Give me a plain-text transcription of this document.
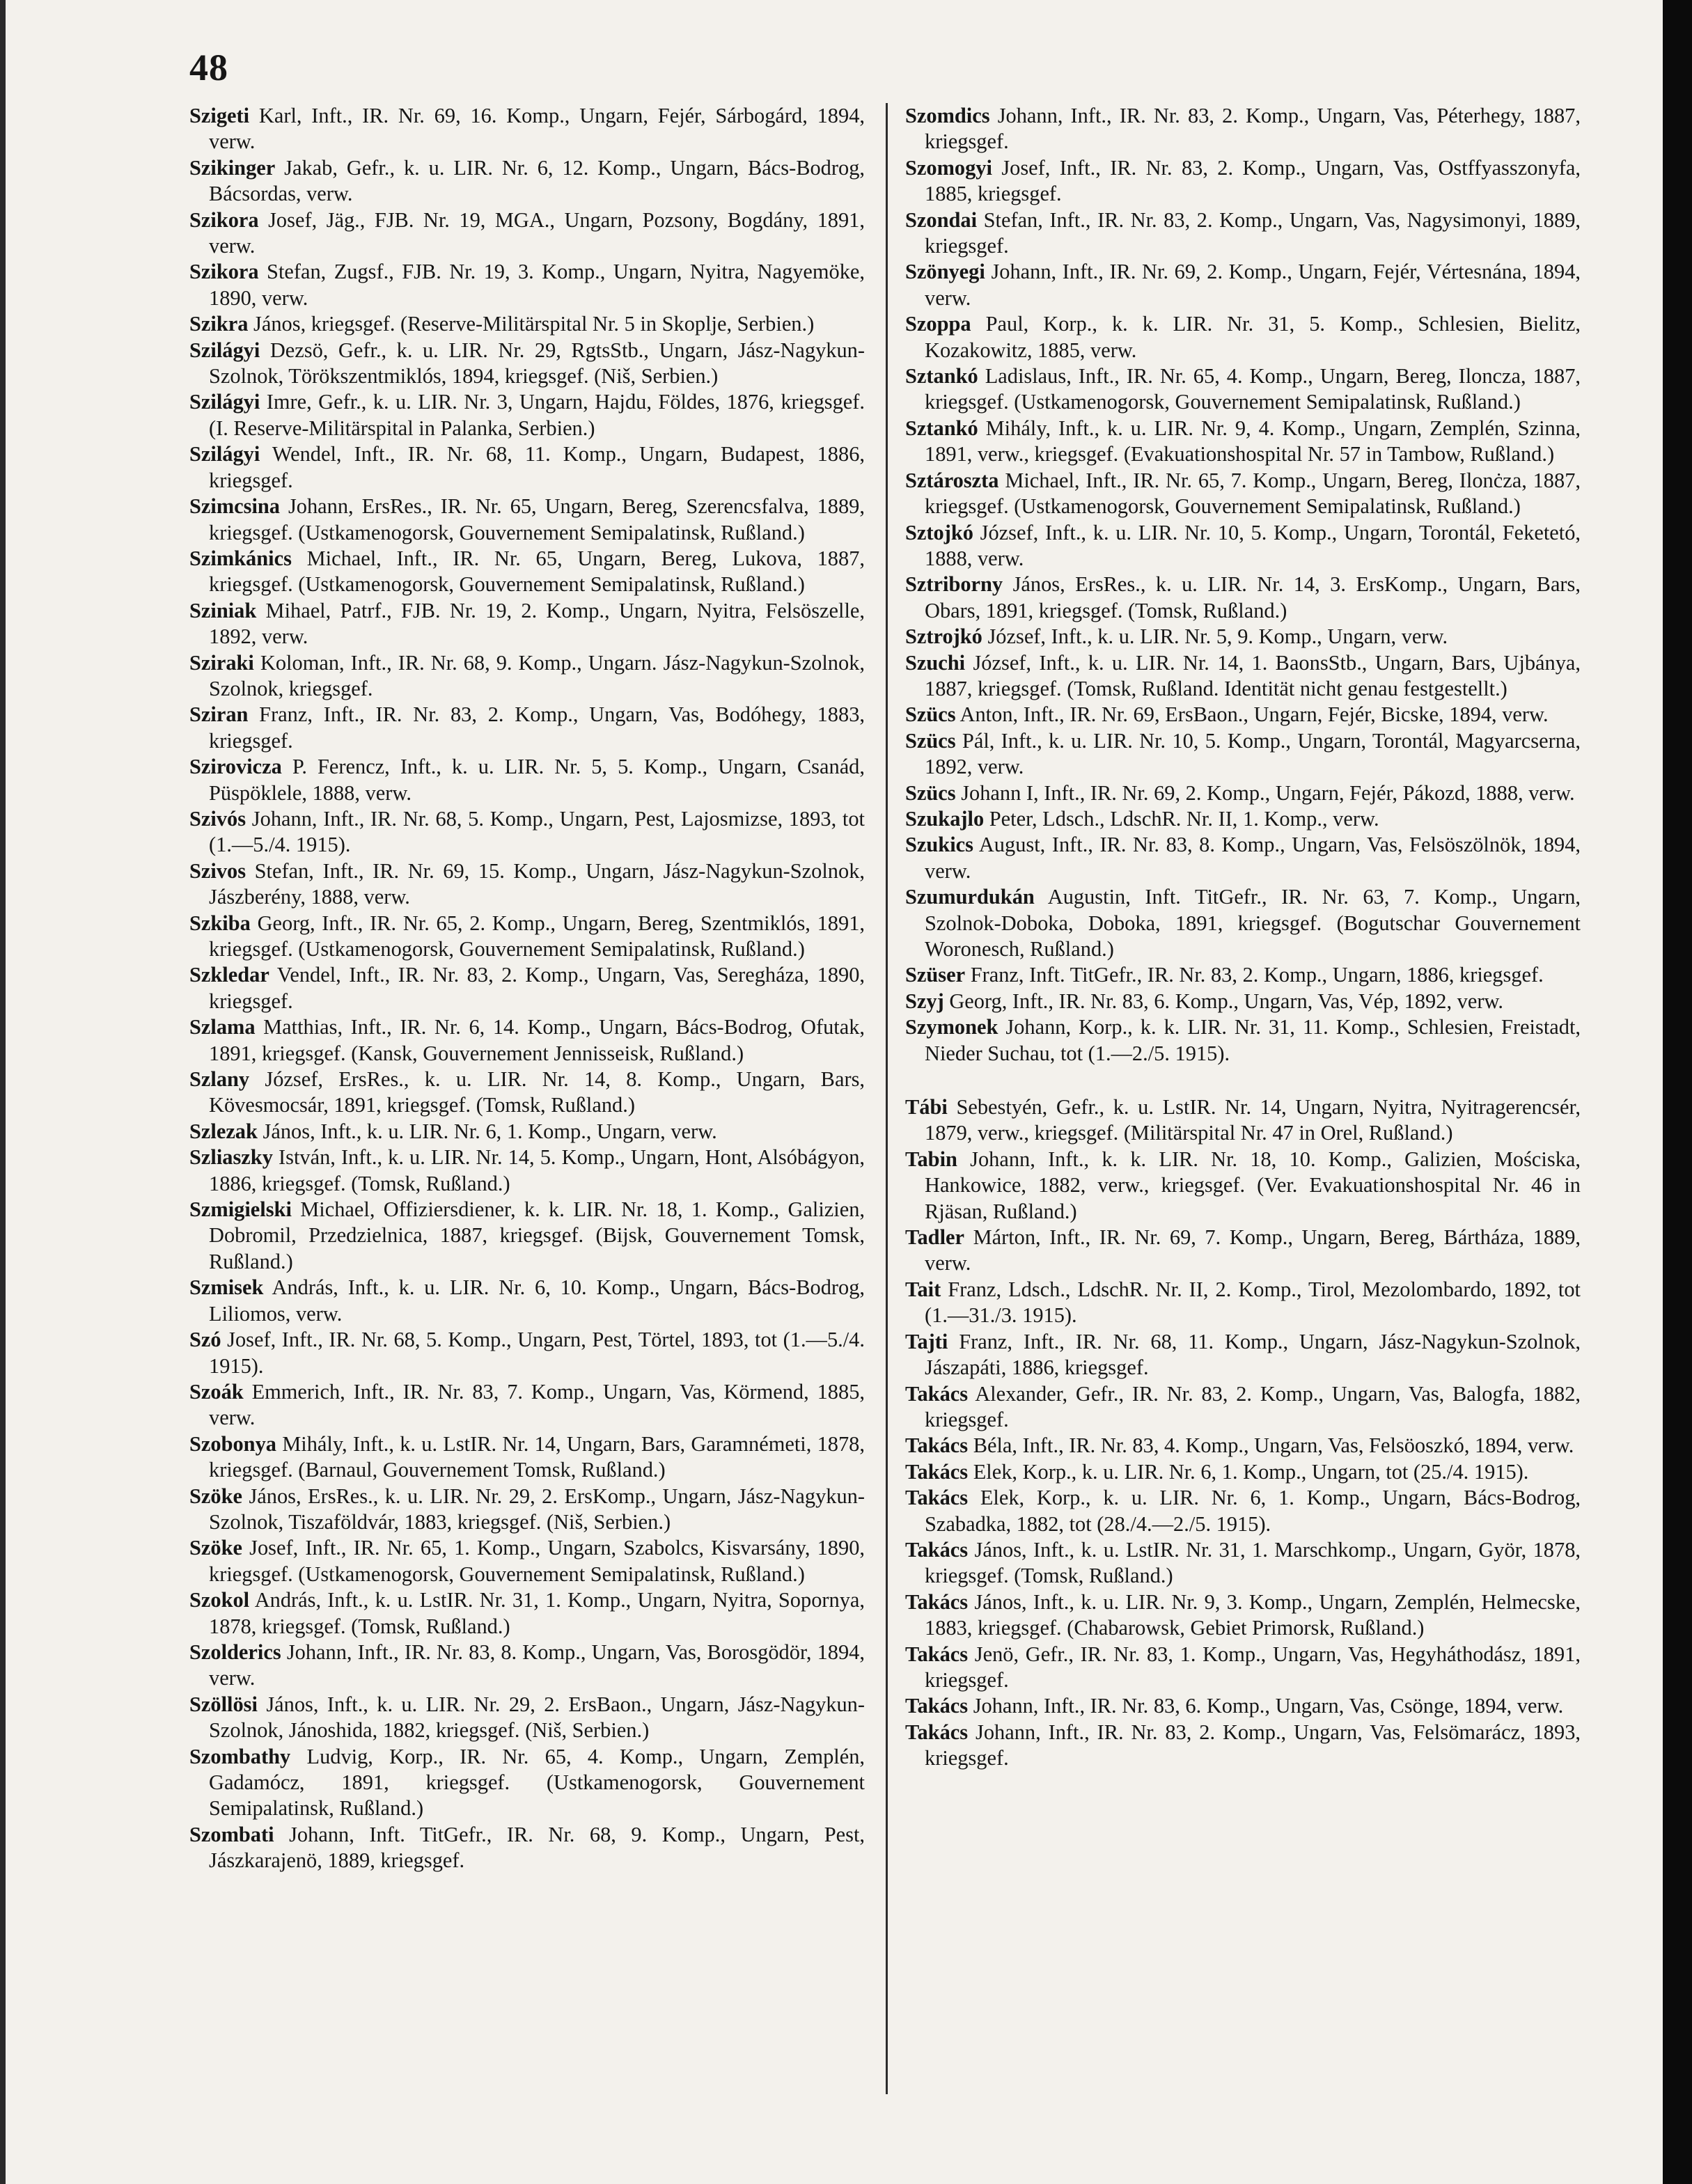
48

Szigeti Karl, Inft., IR. Nr. 69, 16. Komp., Ungarn, Fejér, Sárbogárd, 1894, verw.

Szikinger Jakab, Gefr., k. u. LIR. Nr. 6, 12. Komp., Ungarn, Bács-Bodrog, Bácsordas, verw.

Szikora Josef, Jäg., FJB. Nr. 19, MGA., Ungarn, Pozsony, Bogdány, 1891, verw.

Szikora Stefan, Zugsf., FJB. Nr. 19, 3. Komp., Ungarn, Nyitra, Nagyemöke, 1890, verw.

Szikra János, kriegsgef. (Reserve-Militärspital Nr. 5 in Skoplje, Serbien.)

Szilágyi Dezsö, Gefr., k. u. LIR. Nr. 29, RgtsStb., Ungarn, Jász-Nagykun-Szolnok, Törökszentmiklós, 1894, kriegsgef. (Niš, Serbien.)

Szilágyi Imre, Gefr., k. u. LIR. Nr. 3, Ungarn, Hajdu, Földes, 1876, kriegsgef. (I. Reserve-Militärspital in Palanka, Serbien.)

Szilágyi Wendel, Inft., IR. Nr. 68, 11. Komp., Ungarn, Budapest, 1886, kriegsgef.

Szimcsina Johann, ErsRes., IR. Nr. 65, Ungarn, Bereg, Szerencsfalva, 1889, kriegsgef. (Ustkamenogorsk, Gouvernement Semipalatinsk, Rußland.)

Szimkánics Michael, Inft., IR. Nr. 65, Ungarn, Bereg, Lukova, 1887, kriegsgef. (Ustkamenogorsk, Gouvernement Semipalatinsk, Rußland.)

Sziniak Mihael, Patrf., FJB. Nr. 19, 2. Komp., Ungarn, Nyitra, Felsöszelle, 1892, verw.

Sziraki Koloman, Inft., IR. Nr. 68, 9. Komp., Ungarn. Jász-Nagykun-Szolnok, Szolnok, kriegsgef.

Sziran Franz, Inft., IR. Nr. 83, 2. Komp., Ungarn, Vas, Bodóhegy, 1883, kriegsgef.

Szirovicza P. Ferencz, Inft., k. u. LIR. Nr. 5, 5. Komp., Ungarn, Csanád, Püspöklele, 1888, verw.

Szivós Johann, Inft., IR. Nr. 68, 5. Komp., Ungarn, Pest, Lajosmizse, 1893, tot (1.—5./4. 1915).

Szivos Stefan, Inft., IR. Nr. 69, 15. Komp., Ungarn, Jász-Nagykun-Szolnok, Jászberény, 1888, verw.

Szkiba Georg, Inft., IR. Nr. 65, 2. Komp., Ungarn, Bereg, Szentmiklós, 1891, kriegsgef. (Ustkamenogorsk, Gouvernement Semipalatinsk, Rußland.)

Szkledar Vendel, Inft., IR. Nr. 83, 2. Komp., Ungarn, Vas, Seregháza, 1890, kriegsgef.

Szlama Matthias, Inft., IR. Nr. 6, 14. Komp., Ungarn, Bács-Bodrog, Ofutak, 1891, kriegsgef. (Kansk, Gouvernement Jennisseisk, Rußland.)

Szlany József, ErsRes., k. u. LIR. Nr. 14, 8. Komp., Ungarn, Bars, Kövesmocsár, 1891, kriegsgef. (Tomsk, Rußland.)

Szlezak János, Inft., k. u. LIR. Nr. 6, 1. Komp., Ungarn, verw.

Szliaszky István, Inft., k. u. LIR. Nr. 14, 5. Komp., Ungarn, Hont, Alsóbágyon, 1886, kriegsgef. (Tomsk, Rußland.)

Szmigielski Michael, Offiziersdiener, k. k. LIR. Nr. 18, 1. Komp., Galizien, Dobromil, Przedzielnica, 1887, kriegsgef. (Bijsk, Gouvernement Tomsk, Rußland.)

Szmisek András, Inft., k. u. LIR. Nr. 6, 10. Komp., Ungarn, Bács-Bodrog, Liliomos, verw.

Szó Josef, Inft., IR. Nr. 68, 5. Komp., Ungarn, Pest, Törtel, 1893, tot (1.—5./4. 1915).

Szoák Emmerich, Inft., IR. Nr. 83, 7. Komp., Ungarn, Vas, Körmend, 1885, verw.

Szobonya Mihály, Inft., k. u. LstIR. Nr. 14, Ungarn, Bars, Garamnémeti, 1878, kriegsgef. (Barnaul, Gouvernement Tomsk, Rußland.)

Szöke János, ErsRes., k. u. LIR. Nr. 29, 2. ErsKomp., Ungarn, Jász-Nagykun-Szolnok, Tiszaföldvár, 1883, kriegsgef. (Niš, Serbien.)

Szöke Josef, Inft., IR. Nr. 65, 1. Komp., Ungarn, Szabolcs, Kisvarsány, 1890, kriegsgef. (Ustkamenogorsk, Gouvernement Semipalatinsk, Rußland.)

Szokol András, Inft., k. u. LstIR. Nr. 31, 1. Komp., Ungarn, Nyitra, Sopornya, 1878, kriegsgef. (Tomsk, Rußland.)

Szolderics Johann, Inft., IR. Nr. 83, 8. Komp., Ungarn, Vas, Borosgödör, 1894, verw.

Szöllösi János, Inft., k. u. LIR. Nr. 29, 2. ErsBaon., Ungarn, Jász-Nagykun-Szolnok, Jánoshida, 1882, kriegsgef. (Niš, Serbien.)

Szombathy Ludvig, Korp., IR. Nr. 65, 4. Komp., Ungarn, Zemplén, Gadamócz, 1891, kriegsgef. (Ustkamenogorsk, Gouvernement Semipalatinsk, Rußland.)

Szombati Johann, Inft. TitGefr., IR. Nr. 68, 9. Komp., Ungarn, Pest, Jászkarajenö, 1889, kriegsgef.

Szomdics Johann, Inft., IR. Nr. 83, 2. Komp., Ungarn, Vas, Péterhegy, 1887, kriegsgef.

Szomogyi Josef, Inft., IR. Nr. 83, 2. Komp., Ungarn, Vas, Ostffyasszonyfa, 1885, kriegsgef.

Szondai Stefan, Inft., IR. Nr. 83, 2. Komp., Ungarn, Vas, Nagysimonyi, 1889, kriegsgef.

Szönyegi Johann, Inft., IR. Nr. 69, 2. Komp., Ungarn, Fejér, Vértesnána, 1894, verw.

Szoppa Paul, Korp., k. k. LIR. Nr. 31, 5. Komp., Schlesien, Bielitz, Kozakowitz, 1885, verw.

Sztankó Ladislaus, Inft., IR. Nr. 65, 4. Komp., Ungarn, Bereg, Iloncza, 1887, kriegsgef. (Ustkamenogorsk, Gouvernement Semipalatinsk, Rußland.)

Sztankó Mihály, Inft., k. u. LIR. Nr. 9, 4. Komp., Ungarn, Zemplén, Szinna, 1891, verw., kriegsgef. (Evakuationshospital Nr. 57 in Tambow, Rußland.)

Sztároszta Michael, Inft., IR. Nr. 65, 7. Komp., Ungarn, Bereg, Ilonċza, 1887, kriegsgef. (Ustkamenogorsk, Gouvernement Semipalatinsk, Rußland.)

Sztojkó József, Inft., k. u. LIR. Nr. 10, 5. Komp., Ungarn, Torontál, Feketetó, 1888, verw.

Sztriborny János, ErsRes., k. u. LIR. Nr. 14, 3. ErsKomp., Ungarn, Bars, Obars, 1891, kriegsgef. (Tomsk, Rußland.)

Sztrojkó József, Inft., k. u. LIR. Nr. 5, 9. Komp., Ungarn, verw.

Szuchi József, Inft., k. u. LIR. Nr. 14, 1. BaonsStb., Ungarn, Bars, Ujbánya, 1887, kriegsgef. (Tomsk, Rußland. Identität nicht genau festgestellt.)

Szücs Anton, Inft., IR. Nr. 69, ErsBaon., Ungarn, Fejér, Bicske, 1894, verw.

Szücs Pál, Inft., k. u. LIR. Nr. 10, 5. Komp., Ungarn, Torontál, Magyarcserna, 1892, verw.

Szücs Johann I, Inft., IR. Nr. 69, 2. Komp., Ungarn, Fejér, Pákozd, 1888, verw.

Szukajlo Peter, Ldsch., LdschR. Nr. II, 1. Komp., verw.

Szukics August, Inft., IR. Nr. 83, 8. Komp., Ungarn, Vas, Felsöszölnök, 1894, verw.

Szumurdukán Augustin, Inft. TitGefr., IR. Nr. 63, 7. Komp., Ungarn, Szolnok-Doboka, Doboka, 1891, kriegsgef. (Bogutschar Gouvernement Woronesch, Rußland.)

Szüser Franz, Inft. TitGefr., IR. Nr. 83, 2. Komp., Ungarn, 1886, kriegsgef.

Szyj Georg, Inft., IR. Nr. 83, 6. Komp., Ungarn, Vas, Vép, 1892, verw.

Szymonek Johann, Korp., k. k. LIR. Nr. 31, 11. Komp., Schlesien, Freistadt, Nieder Suchau, tot (1.—2./5. 1915).

Tábi Sebestyén, Gefr., k. u. LstIR. Nr. 14, Ungarn, Nyitra, Nyitragerencsér, 1879, verw., kriegsgef. (Militärspital Nr. 47 in Orel, Rußland.)

Tabin Johann, Inft., k. k. LIR. Nr. 18, 10. Komp., Galizien, Mościska, Hankowice, 1882, verw., kriegsgef. (Ver. Evakuationshospital Nr. 46 in Rjäsan, Rußland.)

Tadler Márton, Inft., IR. Nr. 69, 7. Komp., Ungarn, Bereg, Bártháza, 1889, verw.

Tait Franz, Ldsch., LdschR. Nr. II, 2. Komp., Tirol, Mezolombardo, 1892, tot (1.—31./3. 1915).

Tajti Franz, Inft., IR. Nr. 68, 11. Komp., Ungarn, Jász-Nagykun-Szolnok, Jászapáti, 1886, kriegsgef.

Takács Alexander, Gefr., IR. Nr. 83, 2. Komp., Ungarn, Vas, Balogfa, 1882, kriegsgef.

Takács Béla, Inft., IR. Nr. 83, 4. Komp., Ungarn, Vas, Felsöoszkó, 1894, verw.

Takács Elek, Korp., k. u. LIR. Nr. 6, 1. Komp., Ungarn, tot (25./4. 1915).

Takács Elek, Korp., k. u. LIR. Nr. 6, 1. Komp., Ungarn, Bács-Bodrog, Szabadka, 1882, tot (28./4.—2./5. 1915).

Takács János, Inft., k. u. LstIR. Nr. 31, 1. Marschkomp., Ungarn, Györ, 1878, kriegsgef. (Tomsk, Rußland.)

Takács János, Inft., k. u. LIR. Nr. 9, 3. Komp., Ungarn, Zemplén, Helmecske, 1883, kriegsgef. (Chabarowsk, Gebiet Primorsk, Rußland.)

Takács Jenö, Gefr., IR. Nr. 83, 1. Komp., Ungarn, Vas, Hegyháthodász, 1891, kriegsgef.

Takács Johann, Inft., IR. Nr. 83, 6. Komp., Ungarn, Vas, Csönge, 1894, verw.

Takács Johann, Inft., IR. Nr. 83, 2. Komp., Ungarn, Vas, Felsömarácz, 1893, kriegsgef.
